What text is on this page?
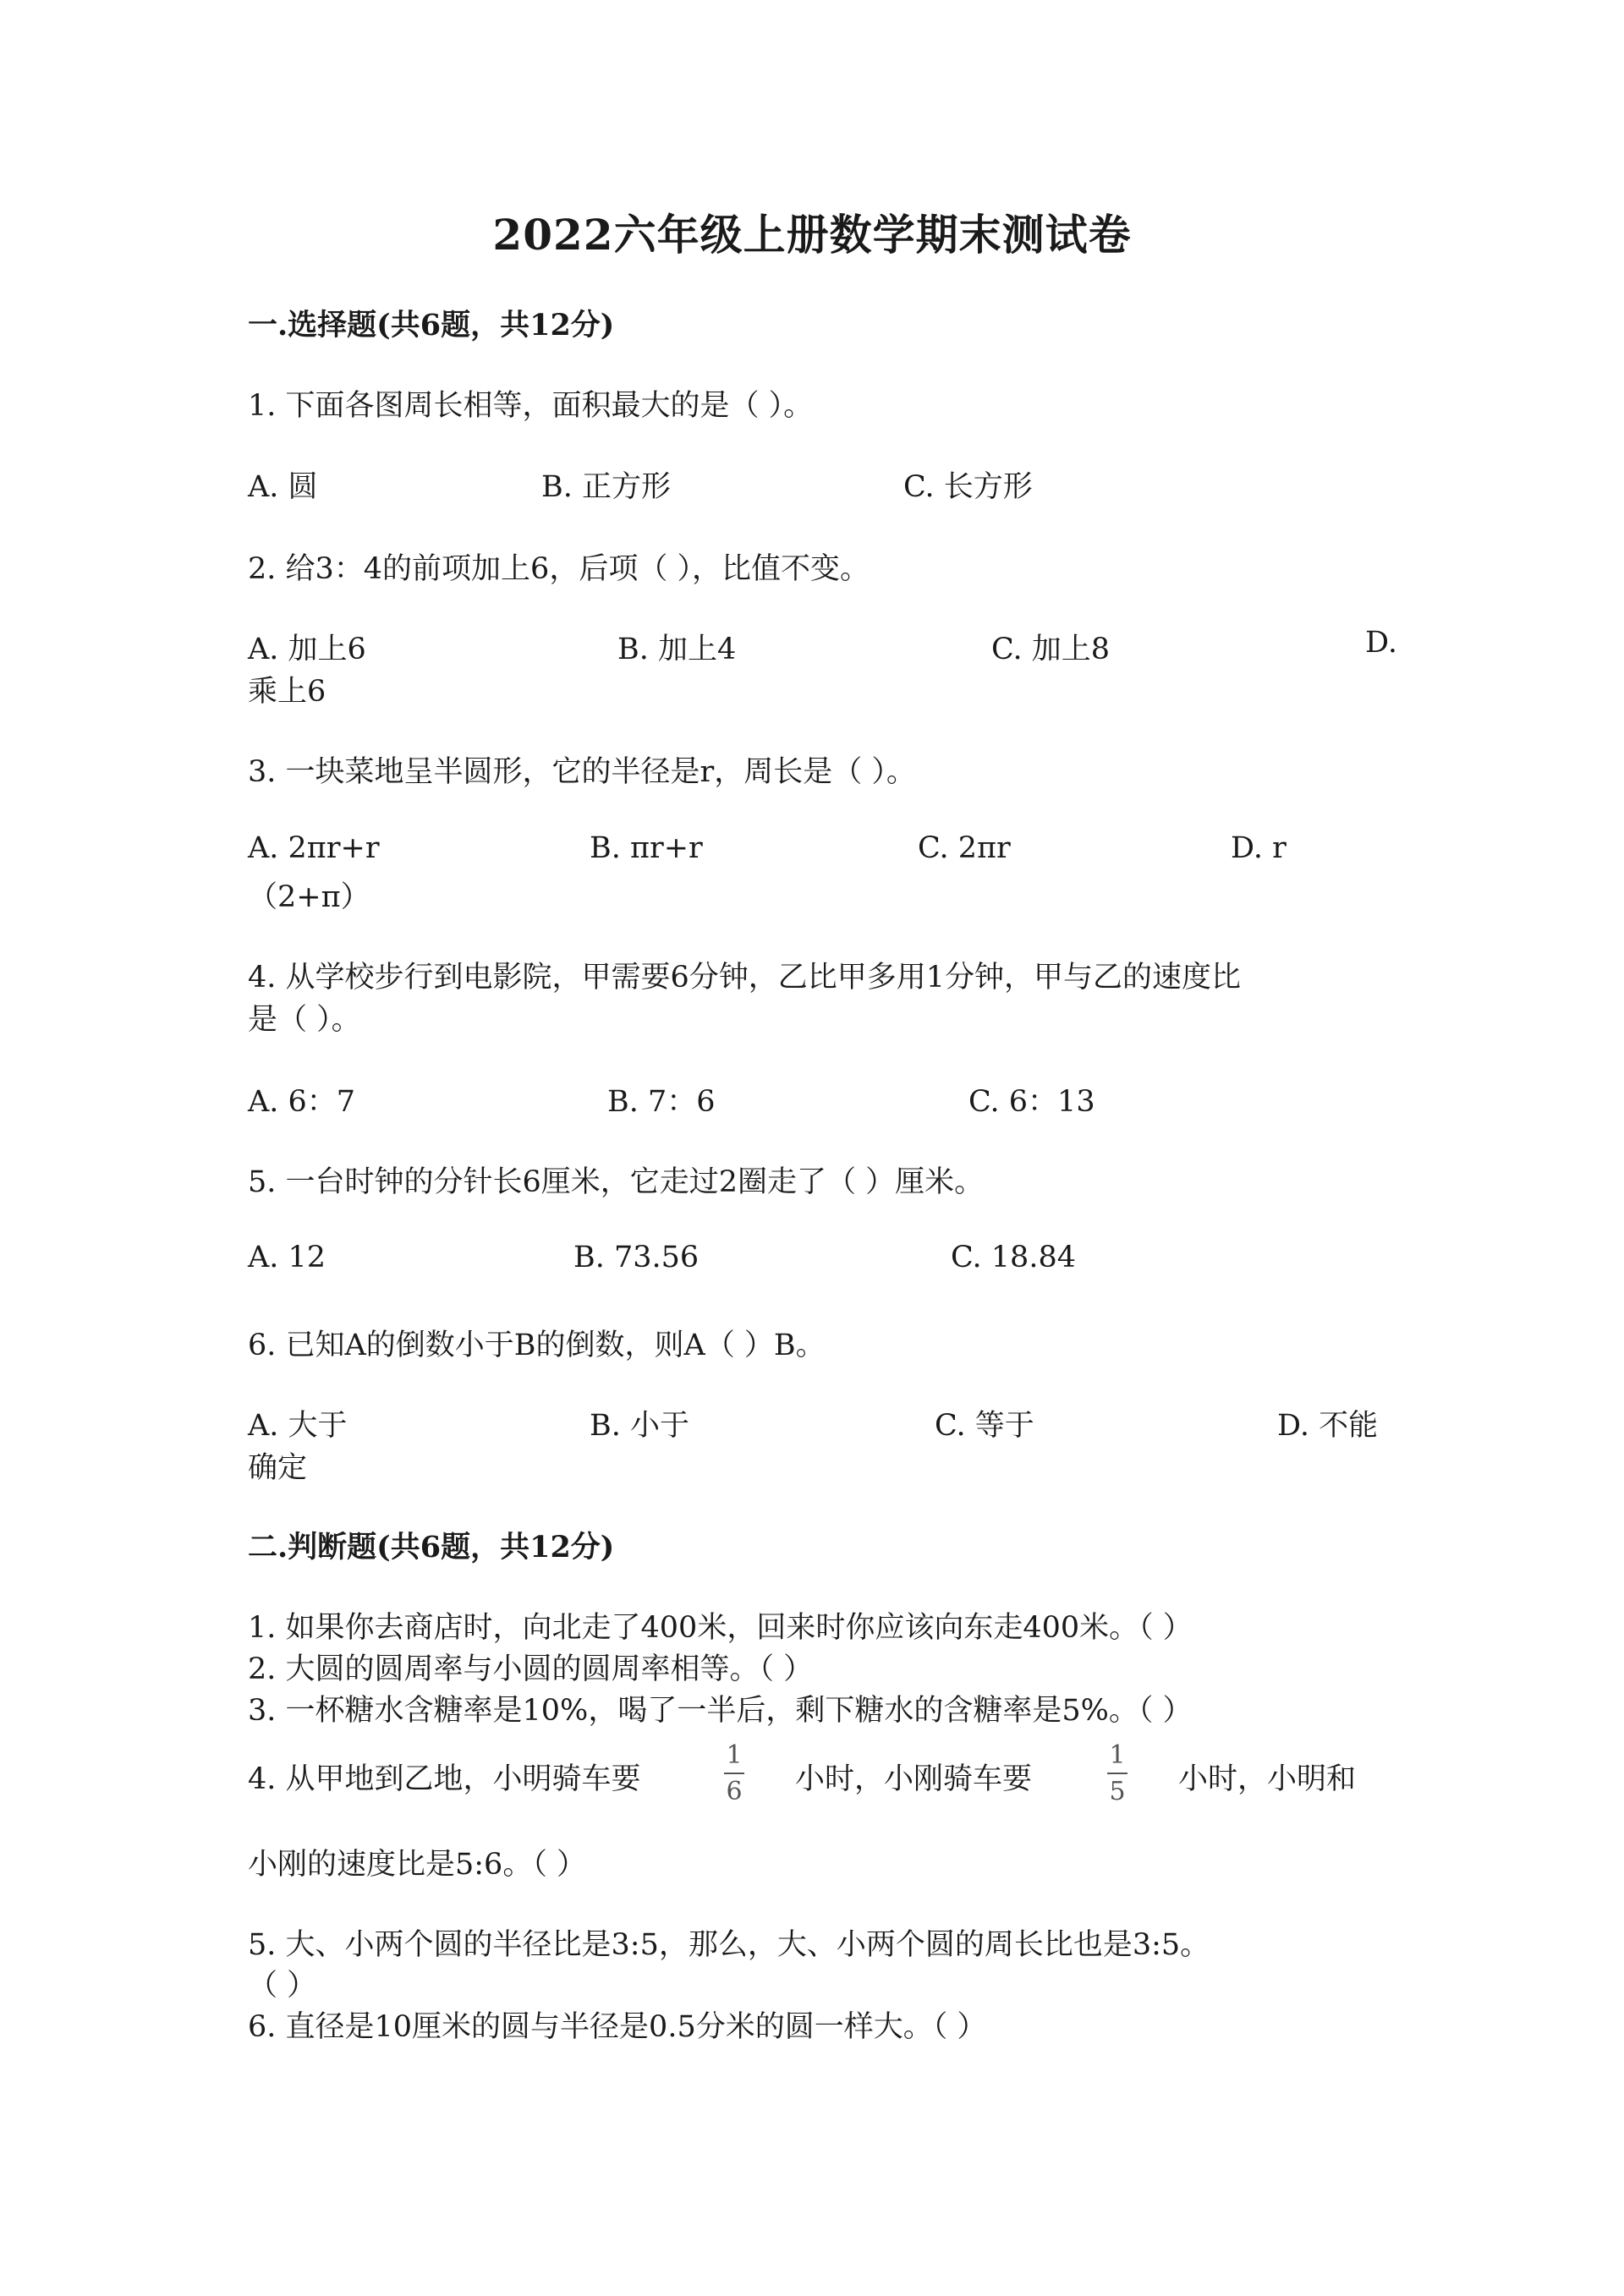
2022六年级上册数学期末测试卷
一.选择题(共6题，共12分)
1. 下面各图周长相等，面积最大的是（ ）。
A. 圆	B. 正方形	C. 长方形
2. 给3：4的前项加上6，后项（ ），比值不变。
A. 加上6	B. 加上4	C. 加上8	D.
乘上6
3. 一块菜地呈半圆形，它的半径是r，周长是（ ）。
A. 2πr+r	B. πr+r	C. 2πr	D. r
（2+π）
4. 从学校步行到电影院，甲需要6分钟，乙比甲多用1分钟，甲与乙的速度比
是（ ）。
A. 6：7	B. 7：6	C. 6：13
5. 一台时钟的分针长6厘米，它走过2圈走了（ ）厘米。
A. 12	B. 73.56	C. 18.84
6. 已知A的倒数小于B的倒数，则A（ ）B。
A. 大于	B. 小于	C. 等于	D. 不能
确定
二.判断题(共6题，共12分)
1. 如果你去商店时，向北走了400米，回来时你应该向东走400米。（ ）
2. 大圆的圆周率与小圆的圆周率相等。（ ）
3. 一杯糖水含糖率是10%，喝了一半后，剩下糖水的含糖率是5%。（ ）
4. 从甲地到乙地，小明骑车要
1
6 小时，小刚骑车要
1
5 小时，小明和
小刚的速度比是5:6。（ ）
5. 大、小两个圆的半径比是3:5，那么，大、小两个圆的周长比也是3:5。
（ ）
6. 直径是10厘米的圆与半径是0.5分米的圆一样大。（ ）
